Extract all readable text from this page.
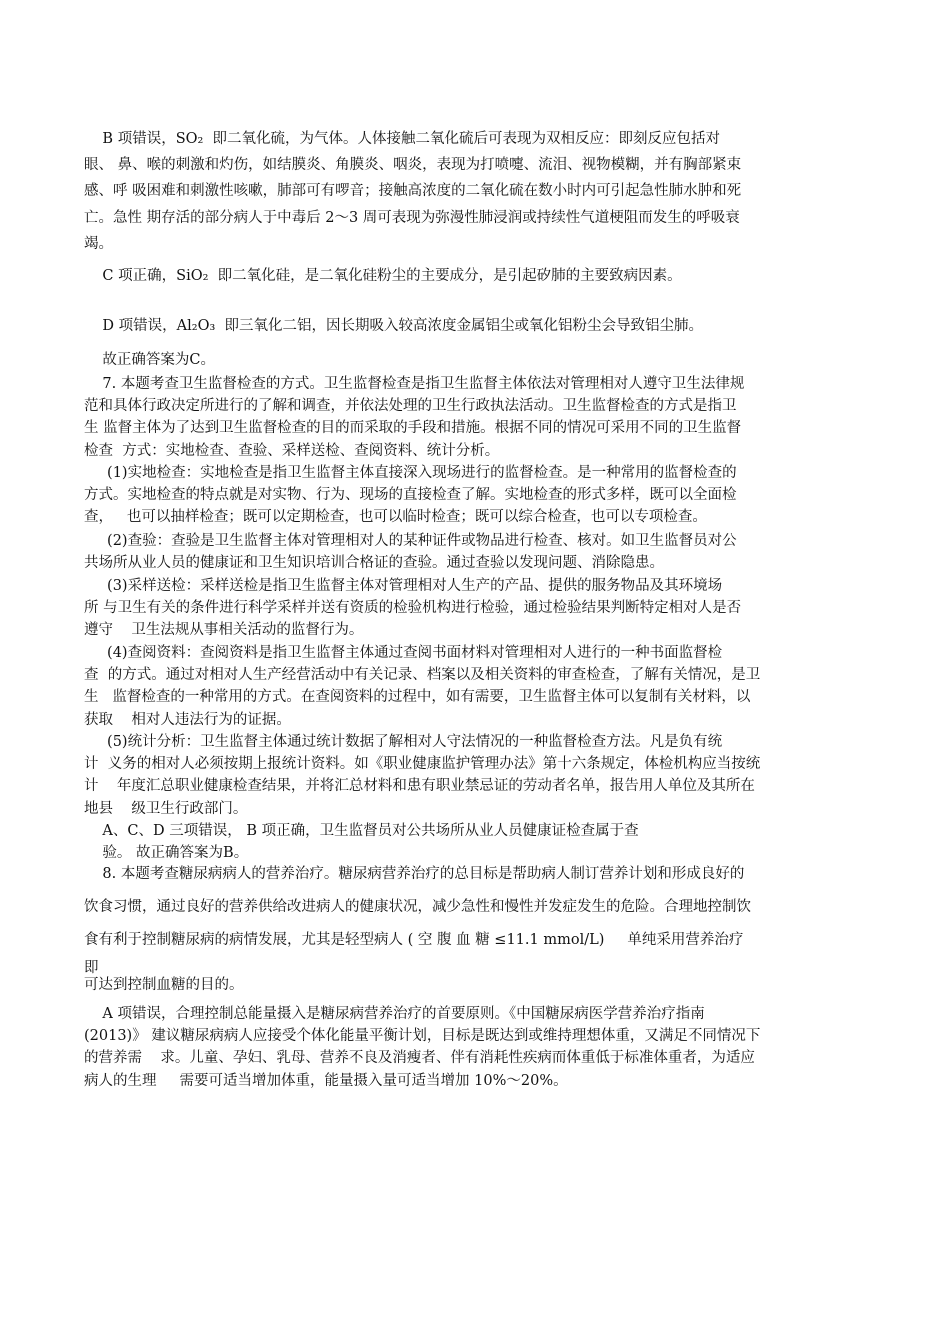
B 项错误，SO₂  即二氧化硫，为气体。人体接触二氧化硫后可表现为双相反应：即刻反应包括对
眼、 鼻、喉的刺激和灼伤，如结膜炎、角膜炎、咽炎，表现为打喷嚏、流泪、视物模糊，并有胸部紧束
感、呼 吸困难和刺激性咳嗽，肺部可有啰音；接触高浓度的二氧化硫在数小时内可引起急性肺水肿和死
亡。急性 期存活的部分病人于中毒后 2～3 周可表现为弥漫性肺浸润或持续性气道梗阻而发生的呼吸衰
竭。
C 项正确，SiO₂  即二氧化硅，是二氧化硅粉尘的主要成分，是引起矽肺的主要致病因素。
D 项错误，Al₂O₃  即三氧化二铝，因长期吸入较高浓度金属铝尘或氧化铝粉尘会导致铝尘肺。
故正确答案为C。
7. 本题考查卫生监督检查的方式。卫生监督检查是指卫生监督主体依法对管理相对人遵守卫生法律规
范和具体行政决定所进行的了解和调查，并依法处理的卫生行政执法活动。卫生监督检查的方式是指卫
生 监督主体为了达到卫生监督检查的目的而采取的手段和措施。根据不同的情况可采用不同的卫生监督
检查  方式：实地检查、查验、采样送检、查阅资料、统计分析。
(1)实地检查：实地检查是指卫生监督主体直接深入现场进行的监督检查。是一种常用的监督检查的
方式。实地检查的特点就是对实物、行为、现场的直接检查了解。实地检查的形式多样，既可以全面检
查，   也可以抽样检查；既可以定期检查，也可以临时检查；既可以综合检查，也可以专项检查。
(2)查验：查验是卫生监督主体对管理相对人的某种证件或物品进行检查、核对。如卫生监督员对公
共场所从业人员的健康证和卫生知识培训合格证的查验。通过查验以发现问题、消除隐患。
(3)采样送检：采样送检是指卫生监督主体对管理相对人生产的产品、提供的服务物品及其环境场
所 与卫生有关的条件进行科学采样并送有资质的检验机构进行检验，通过检验结果判断特定相对人是否
遵守    卫生法规从事相关活动的监督行为。
(4)查阅资料：查阅资料是指卫生监督主体通过查阅书面材料对管理相对人进行的一种书面监督检
查  的方式。通过对相对人生产经营活动中有关记录、档案以及相关资料的审查检查，了解有关情况，是卫
生   监督检查的一种常用的方式。在查阅资料的过程中，如有需要，卫生监督主体可以复制有关材料，以
获取    相对人违法行为的证据。
(5)统计分析：卫生监督主体通过统计数据了解相对人守法情况的一种监督检查方法。凡是负有统
计  义务的相对人必须按期上报统计资料。如《职业健康监护管理办法》第十六条规定，体检机构应当按统
计    年度汇总职业健康检查结果，并将汇总材料和患有职业禁忌证的劳动者名单，报告用人单位及其所在
地县    级卫生行政部门。
A、C、D 三项错误， B 项正确，卫生监督员对公共场所从业人员健康证检查属于查
验。 故正确答案为B。
8. 本题考查糖尿病病人的营养治疗。糖尿病营养治疗的总目标是帮助病人制订营养计划和形成良好的
饮食习惯，通过良好的营养供给改进病人的健康状况，减少急性和慢性并发症发生的危险。合理地控制饮
食有利于控制糖尿病的病情发展，尤其是轻型病人 ( 空 腹 血 糖 ≤11.1 mmol/L)     单纯采用营养治疗
即
可达到控制血糖的目的。
A 项错误，合理控制总能量摄入是糖尿病营养治疗的首要原则。《中国糖尿病医学营养治疗指南
(2013)》 建议糖尿病病人应接受个体化能量平衡计划，目标是既达到或维持理想体重，又满足不同情况下
的营养需    求。儿童、孕妇、乳母、营养不良及消瘦者、伴有消耗性疾病而体重低于标准体重者，为适应
病人的生理     需要可适当增加体重，能量摄入量可适当增加 10%～20%。
